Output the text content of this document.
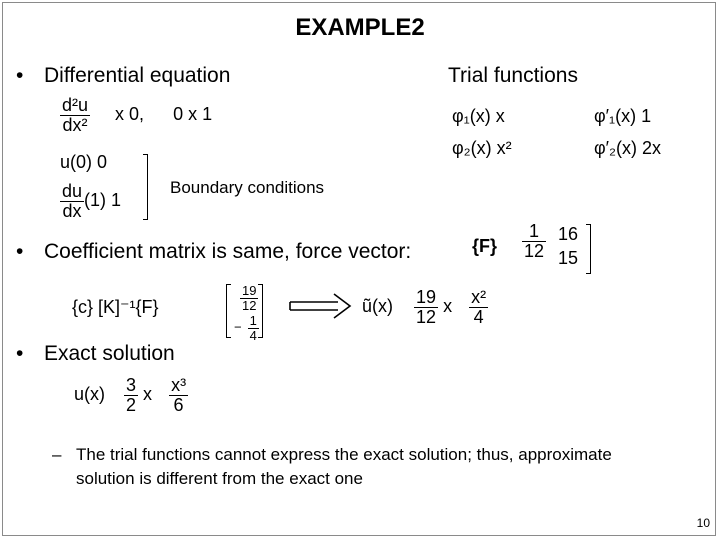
EXAMPLE2
• Differential equation	Trial functions
$\frac{\text{d²u}}{\text{dx²}}$ x 0, 0 x 1
u(0) 0
$\frac{du}{dx} (1)$ 1
Boundary conditions
φ₁(x) x	φ′₁(x) 1
φ₂(x) x²	φ′₂(x) 2x
• Coefficient matrix is same, force vector:	$\{F\} \frac{1}{12} 16$
15
{c} [K]⁻¹{F}	$\frac{19}{12}$
− $\frac{1}{4}$
ũ(x) $\frac{19}{12}$ x $\frac{\text{x²}}{4}$
• Exact solution
$u(x) \frac{3}{2}$ x $\frac{\text{x³}}{6}$
– The trial functions cannot express the exact solution; thus, approximate
solution is different from the exact one
10
